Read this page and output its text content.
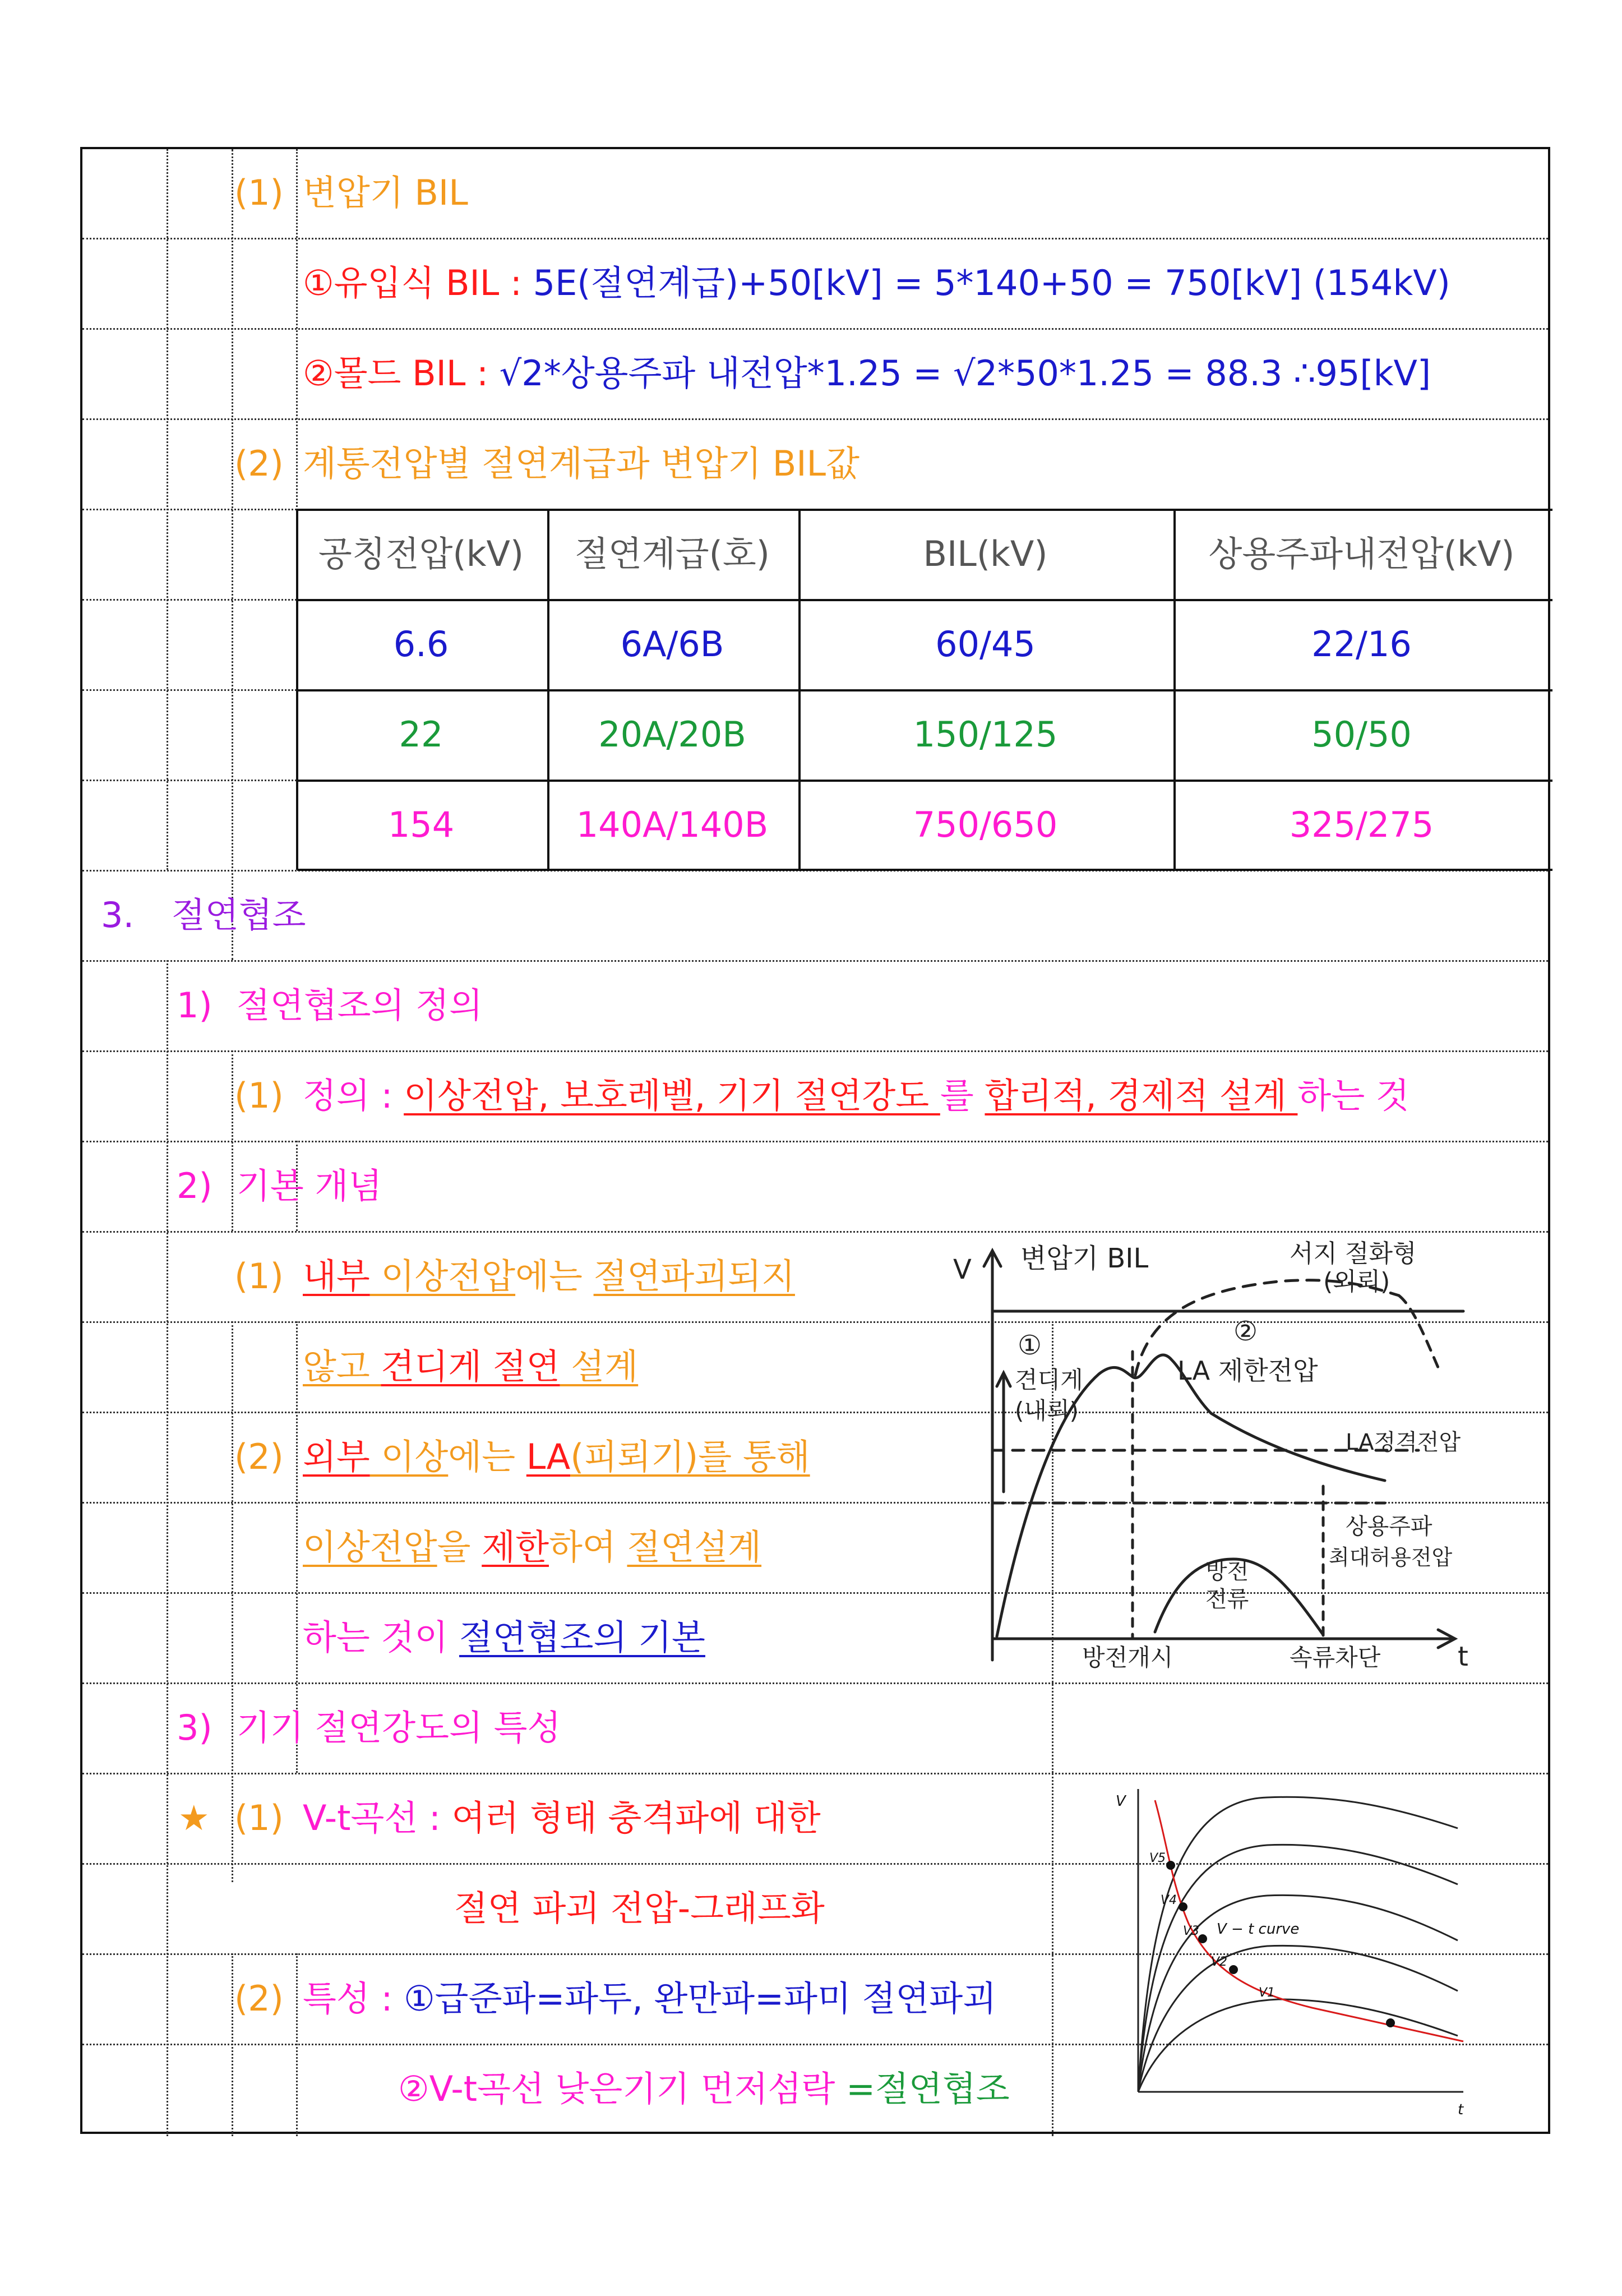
(1) 변압기 BIL
①유입식 BIL : 5E(절연계급)+50[kV] = 5*140+50 = 750[kV] (154kV)
②몰드 BIL : √2*상용주파 내전압*1.25 = √2*50*1.25 = 88.3 ∴95[kV]
(2) 계통전압별 절연계급과 변압기 BIL값
공칭전압(kV)	절연계급(호)	BIL(kV)	상용주파내전압(kV)
6.6	6A/6B	60/45	22/16
22	20A/20B	150/125	50/50
154	140A/140B	750/650	325/275
3. 절연협조
1) 절연협조의 정의
(1) 정의 : 이상전압, 보호레벨, 기기 절연강도 를 합리적, 경제적 설계 하는 것
2) 기본 개념
(1) 내부 이상전압에는 절연파괴되지
않고 견디게 절연 설계
(2) 외부 이상에는 LA(피뢰기)를 통해
이상전압을 제한하여 절연설계
하는 것이 절연협조의 기본
V
t
변압기 BIL	서지 절화형
(외뢰)
①
견디게
(내뢰)
②
LA 제한전압
LA정격전압
상용주파
최대허용전압
방전
전류
방전개시	속류차단
3) 기기 절연강도의 특성
★ (1) V-t곡선 : 여러 형태 충격파에 대한
절연 파괴 전압-그래프화
(2) 특성 : ①급준파=파두, 완만파=파미 절연파괴
②V-t곡선 낮은기기 먼저섬락 =절연협조
V
t
V − t curve
V5
V4
V3
V2
V1
